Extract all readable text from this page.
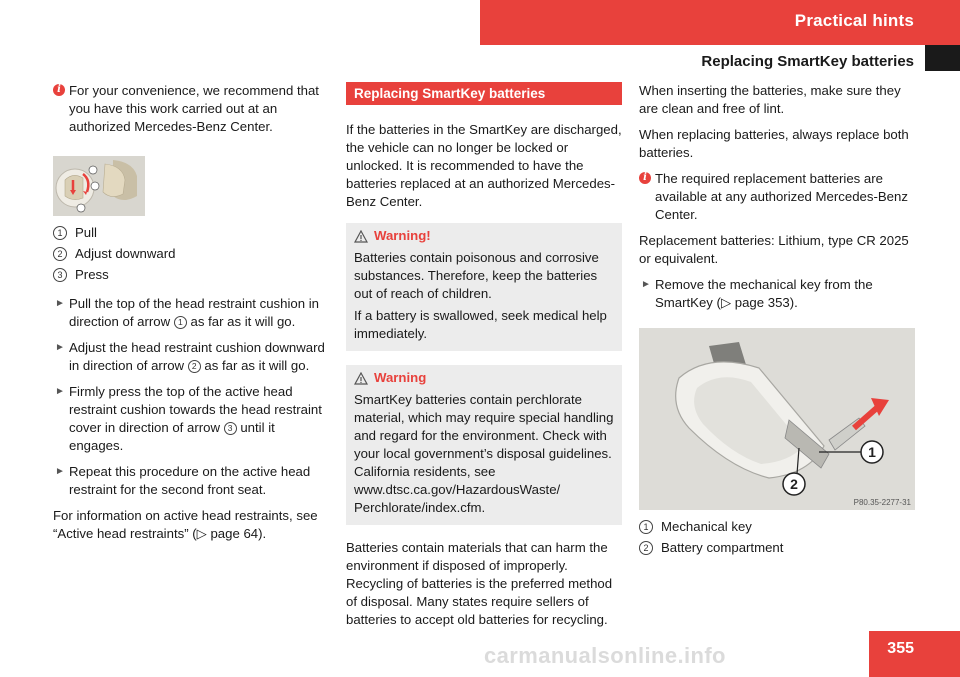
Practical hints
Replacing SmartKey batteries
i For your convenience, we recommend that you have this work carried out at an authorized Mercedes-Benz Center.
1 Pull
2 Adjust downward
3 Press
► Pull the top of the head restraint cushion in direction of arrow 1 as far as it will go.
► Adjust the head restraint cushion downward in direction of arrow 2 as far as it will go.
► Firmly press the top of the active head restraint cushion towards the head restraint cover in direction of arrow 3 until it engages.
► Repeat this procedure on the active head restraint for the second front seat.

For information on active head restraints, see “Active head restraints” (▷ page 64).

Replacing SmartKey batteries

If the batteries in the SmartKey are discharged, the vehicle can no longer be locked or unlocked. It is recommended to have the batteries replaced at an authorized Mercedes-Benz Center.

Warning!

Batteries contain poisonous and corrosive substances. Therefore, keep the batteries out of reach of children.

If a battery is swallowed, seek medical help immediately.

Warning

SmartKey batteries contain perchlorate material, which may require special handling and regard for the environment. Check with your local government’s disposal guidelines. California residents, see www.dtsc.ca.gov/HazardousWaste/ Perchlorate/index.cfm.

Batteries contain materials that can harm the environment if disposed of improperly. Recycling of batteries is the preferred method of disposal. Many states require sellers of batteries to accept old batteries for recycling.

When inserting the batteries, make sure they are clean and free of lint.

When replacing batteries, always replace both batteries.

i The required replacement batteries are available at any authorized Mercedes-Benz Center.

Replacement batteries: Lithium, type CR 2025 or equivalent.

► Remove the mechanical key from the SmartKey (▷ page 353).
1
2
P80.35-2277-31
1 Mechanical key
2 Battery compartment
carmanualsonline.info	355
